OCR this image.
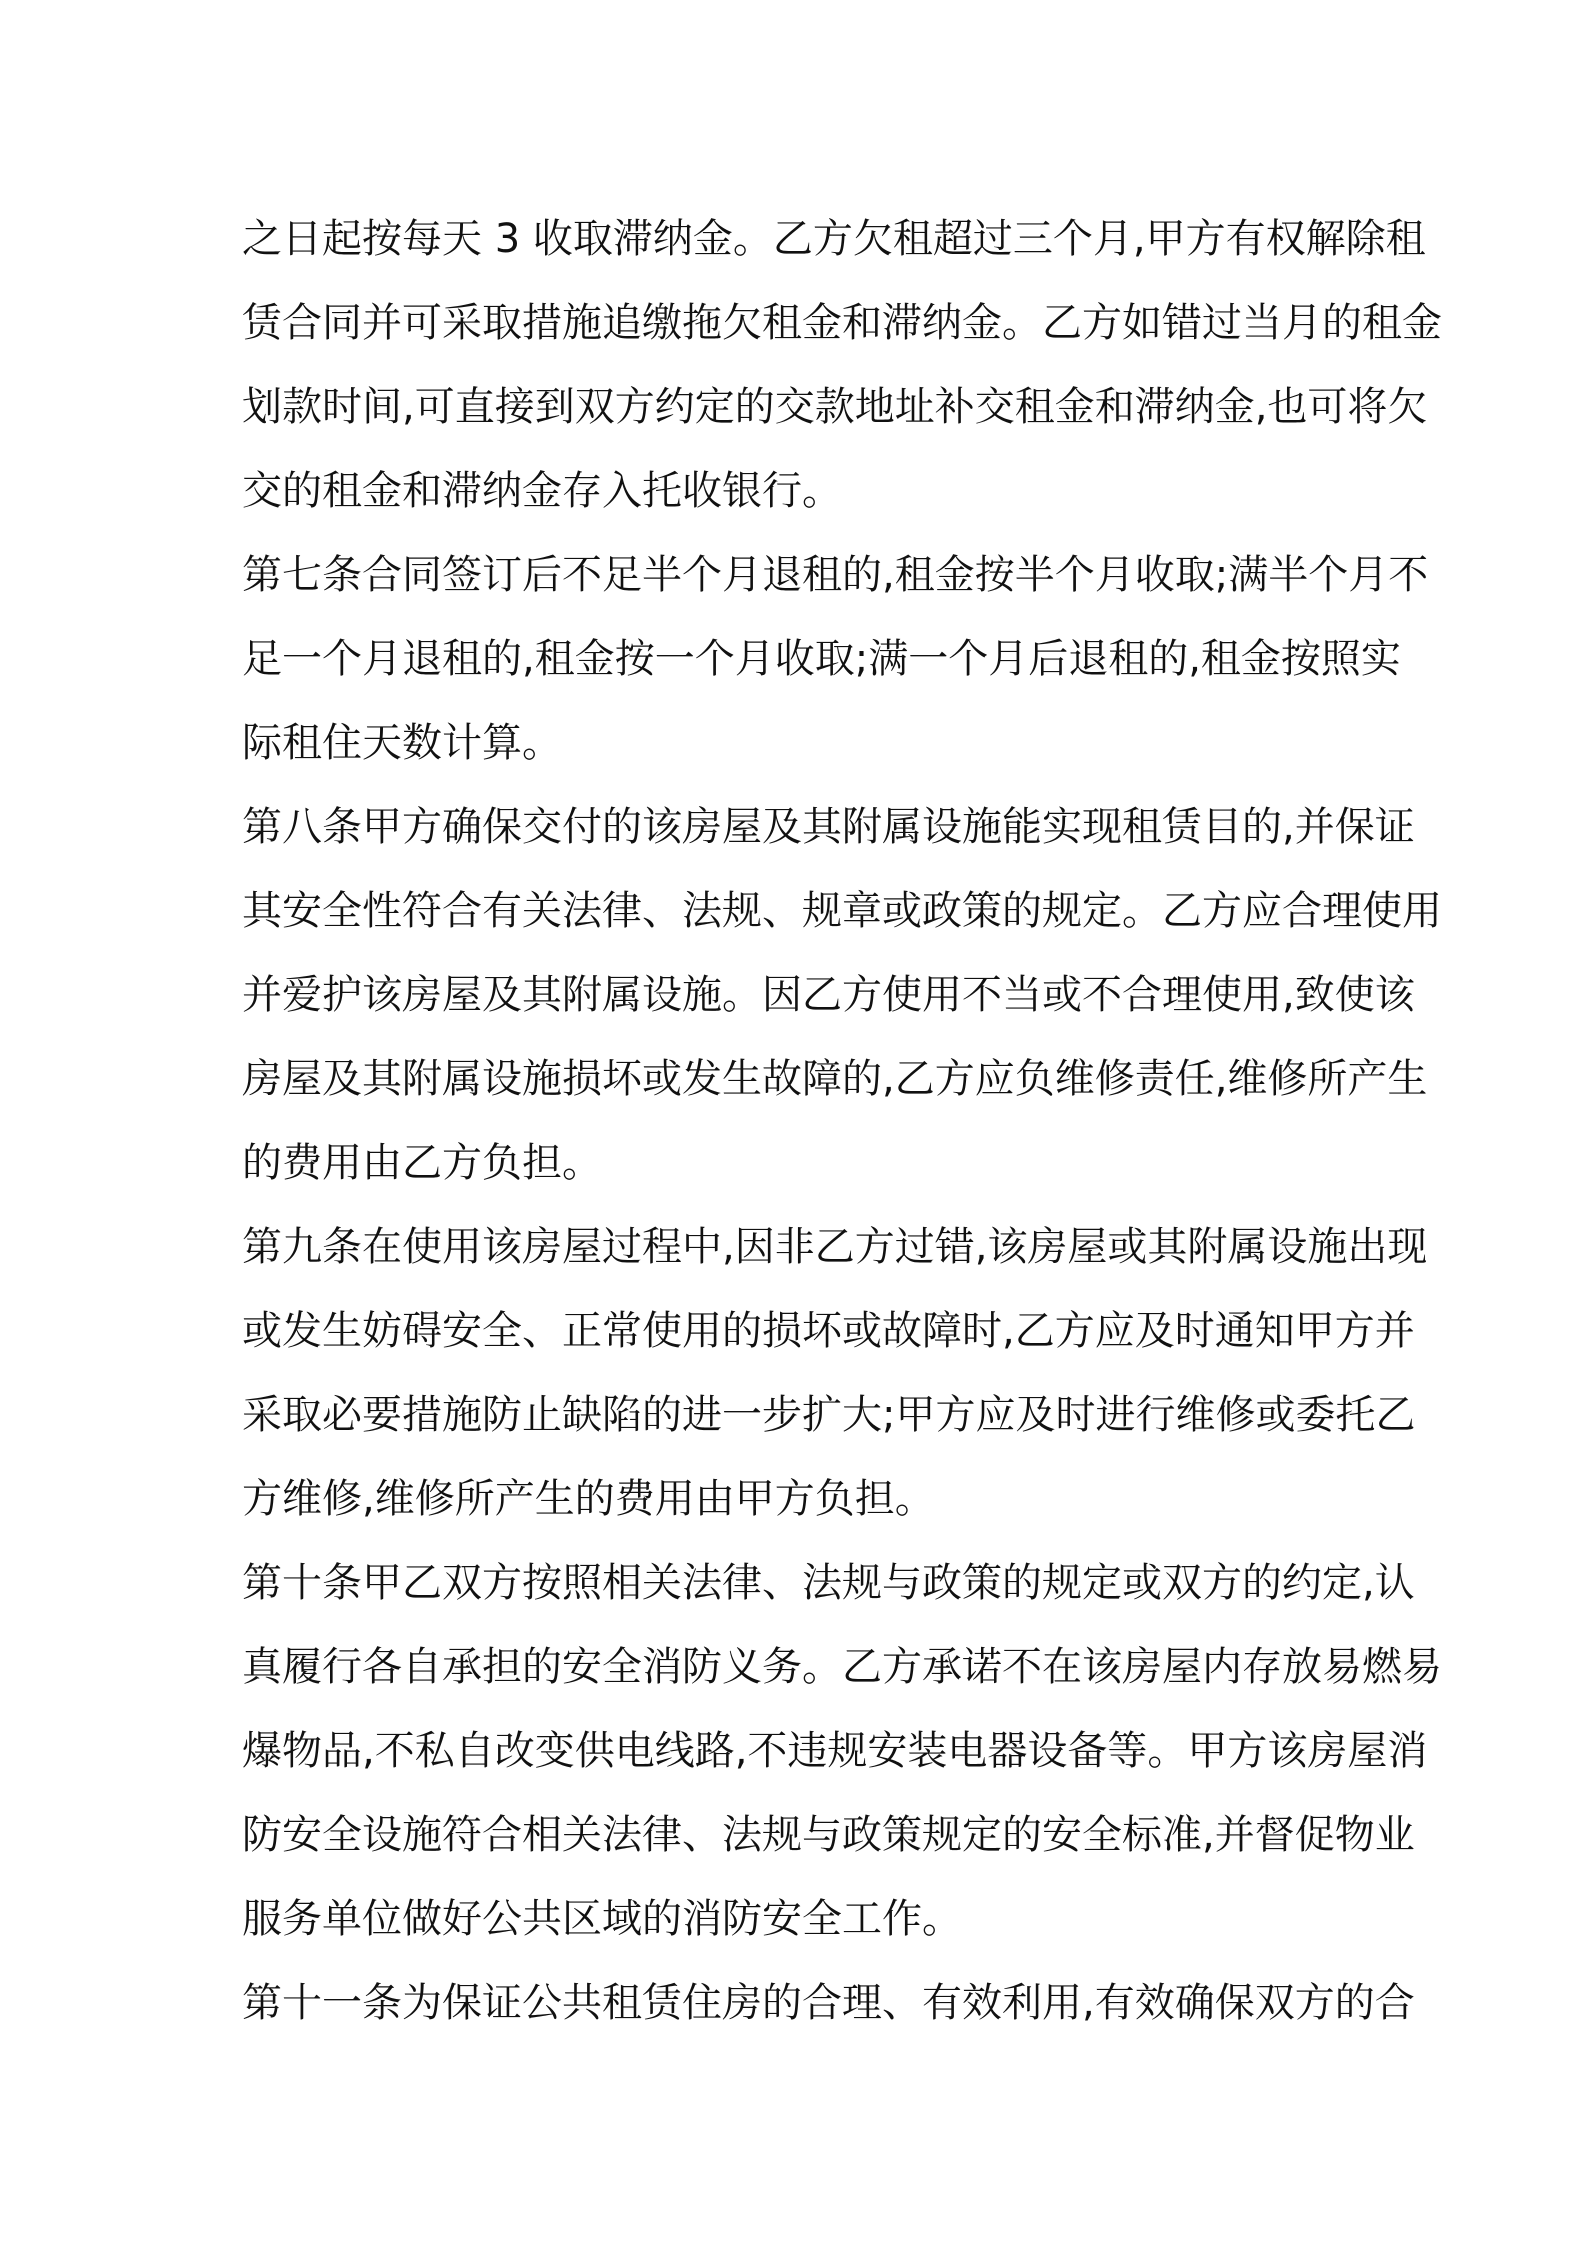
之日起按每天 3 收取滞纳金。乙方欠租超过三个月,甲方有权解除租
赁合同并可采取措施追缴拖欠租金和滞纳金。乙方如错过当月的租金
划款时间,可直接到双方约定的交款地址补交租金和滞纳金,也可将欠
交的租金和滞纳金存入托收银行。
第七条合同签订后不足半个月退租的,租金按半个月收取;满半个月不
足一个月退租的,租金按一个月收取;满一个月后退租的,租金按照实
际租住天数计算。
第八条甲方确保交付的该房屋及其附属设施能实现租赁目的,并保证
其安全性符合有关法律、法规、规章或政策的规定。乙方应合理使用
并爱护该房屋及其附属设施。因乙方使用不当或不合理使用,致使该
房屋及其附属设施损坏或发生故障的,乙方应负维修责任,维修所产生
的费用由乙方负担。
第九条在使用该房屋过程中,因非乙方过错,该房屋或其附属设施出现
或发生妨碍安全、正常使用的损坏或故障时,乙方应及时通知甲方并
采取必要措施防止缺陷的进一步扩大;甲方应及时进行维修或委托乙
方维修,维修所产生的费用由甲方负担。
第十条甲乙双方按照相关法律、法规与政策的规定或双方的约定,认
真履行各自承担的安全消防义务。乙方承诺不在该房屋内存放易燃易
爆物品,不私自改变供电线路,不违规安装电器设备等。甲方该房屋消
防安全设施符合相关法律、法规与政策规定的安全标准,并督促物业
服务单位做好公共区域的消防安全工作。
第十一条为保证公共租赁住房的合理、有效利用,有效确保双方的合
